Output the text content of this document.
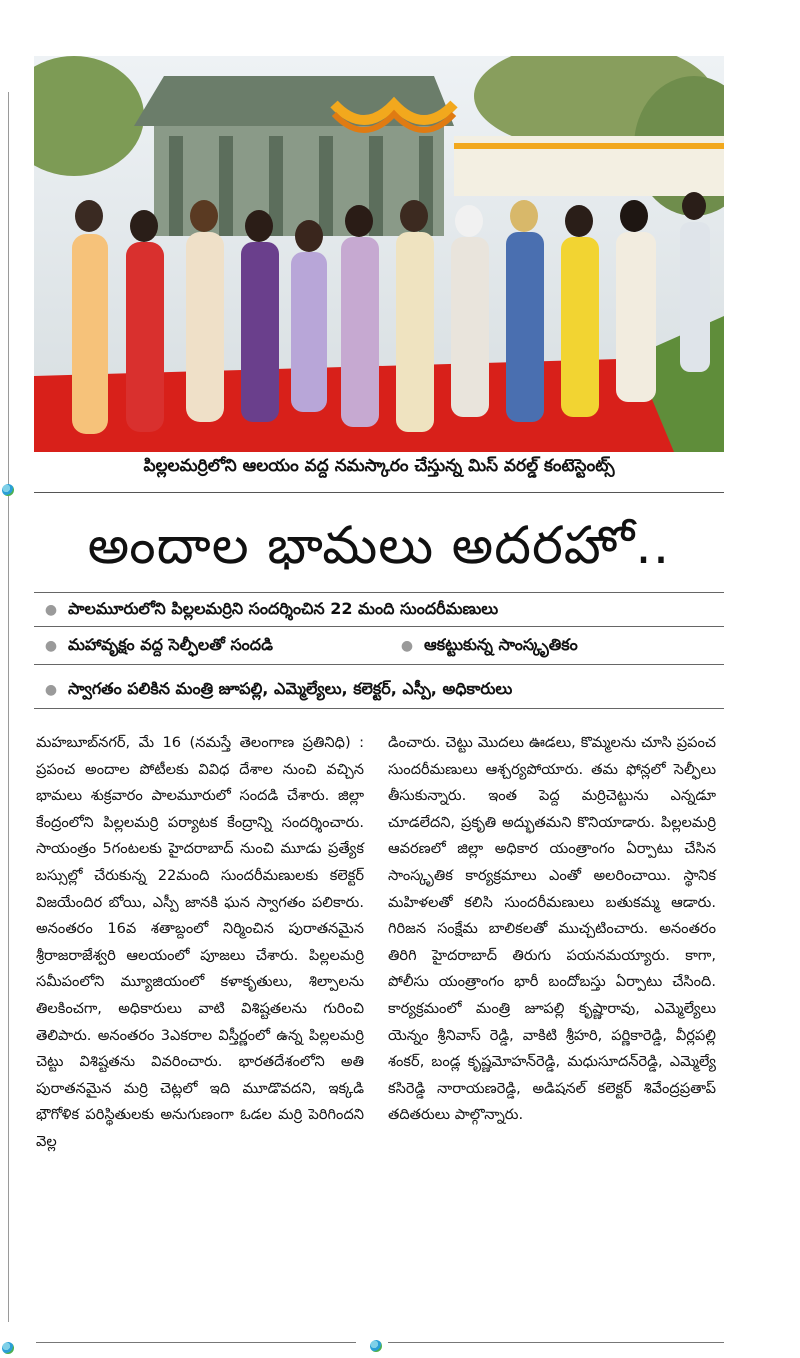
పిల్లలమర్రిలోని ఆలయం వద్ద నమస్కారం చేస్తున్న మిస్ వరల్డ్ కంటెస్టెంట్స్
అందాల భామలు అదరహో..
● పాలమూరులోని పిల్లలమర్రిని సందర్శించిన 22 మంది సుందరీమణులు
● మహావృక్షం వద్ద సెల్ఫీలతో సందడి	● ఆకట్టుకున్న సాంస్కృతికం
● స్వాగతం పలికిన మంత్రి జూపల్లి, ఎమ్మెల్యేలు, కలెక్టర్, ఎస్పీ, అధికారులు

మహబూబ్‌నగర్, మే 16 (నమస్తే తెలంగాణ ప్రతినిధి) : ప్రపంచ అందాల పోటీలకు వివిధ దేశాల నుంచి వచ్చిన భామలు శుక్రవారం పాలమూరులో సందడి చేశారు. జిల్లా కేంద్రంలోని పిల్లలమర్రి పర్యాటక కేంద్రాన్ని సందర్శించారు. సాయంత్రం 5గంటలకు హైదరాబాద్ నుంచి మూడు ప్రత్యేక బస్సుల్లో చేరుకున్న 22మంది సుందరీమణులకు కలెక్టర్ విజయేందిర బోయి, ఎస్పీ జానకి ఘన స్వాగతం పలికారు. అనంతరం 16వ శతాబ్దంలో నిర్మించిన పురాతనమైన శ్రీరాజరాజేశ్వరి ఆలయంలో పూజలు చేశారు. పిల్లలమర్రి సమీపంలోని మ్యూజియంలో కళాకృతులు, శిల్పాలను తిలకించగా, అధికారులు వాటి విశిష్టతలను గురించి తెలిపారు. అనంతరం 3ఎకరాల విస్తీర్ణంలో ఉన్న పిల్లలమర్రి చెట్టు విశిష్టతను వివరించారు. భారతదేశంలోని అతి పురాతనమైన మర్రి చెట్లలో ఇది మూడొవదని, ఇక్కడి భౌగోళిక పరిస్థితులకు అనుగుణంగా ఓడల మర్రి పెరిగిందని వెల్ల

డించారు. చెట్టు మొదలు ఊడలు, కొమ్మలను చూసి ప్రపంచ సుందరీమణులు ఆశ్చర్యపోయారు. తమ ఫోన్లలో సెల్ఫీలు తీసుకున్నారు. ఇంత పెద్ద మర్రిచెట్టును ఎన్నడూ చూడలేదని, ప్రకృతి అద్భుతమని కొనియాడారు. పిల్లలమర్రి ఆవరణలో జిల్లా అధికార యంత్రాంగం ఏర్పాటు చేసిన సాంస్కృతిక కార్యక్రమాలు ఎంతో అలరించాయి. స్థానిక మహిళలతో కలిసి సుందరీమణులు బతుకమ్మ ఆడారు. గిరిజన సంక్షేమ బాలికలతో ముచ్చటించారు. అనంతరం తిరిగి హైదరాబాద్ తిరుగు పయనమయ్యారు. కాగా, పోలీసు యంత్రాంగం భారీ బందోబస్తు ఏర్పాటు చేసింది. కార్యక్రమంలో మంత్రి జూపల్లి కృష్ణారావు, ఎమ్మెల్యేలు యెన్నం శ్రీనివాస్ రెడ్డి, వాకిటి శ్రీహరి, పర్ణికారెడ్డి, వీర్లపల్లి శంకర్, బండ్ల కృష్ణమోహన్‌రెడ్డి, మధుసూదన్‌రెడ్డి, ఎమ్మెల్యే కసిరెడ్డి నారాయణరెడ్డి, అడిషనల్ కలెక్టర్ శివేంద్రప్రతాప్ తదితరులు పాల్గొన్నారు.
